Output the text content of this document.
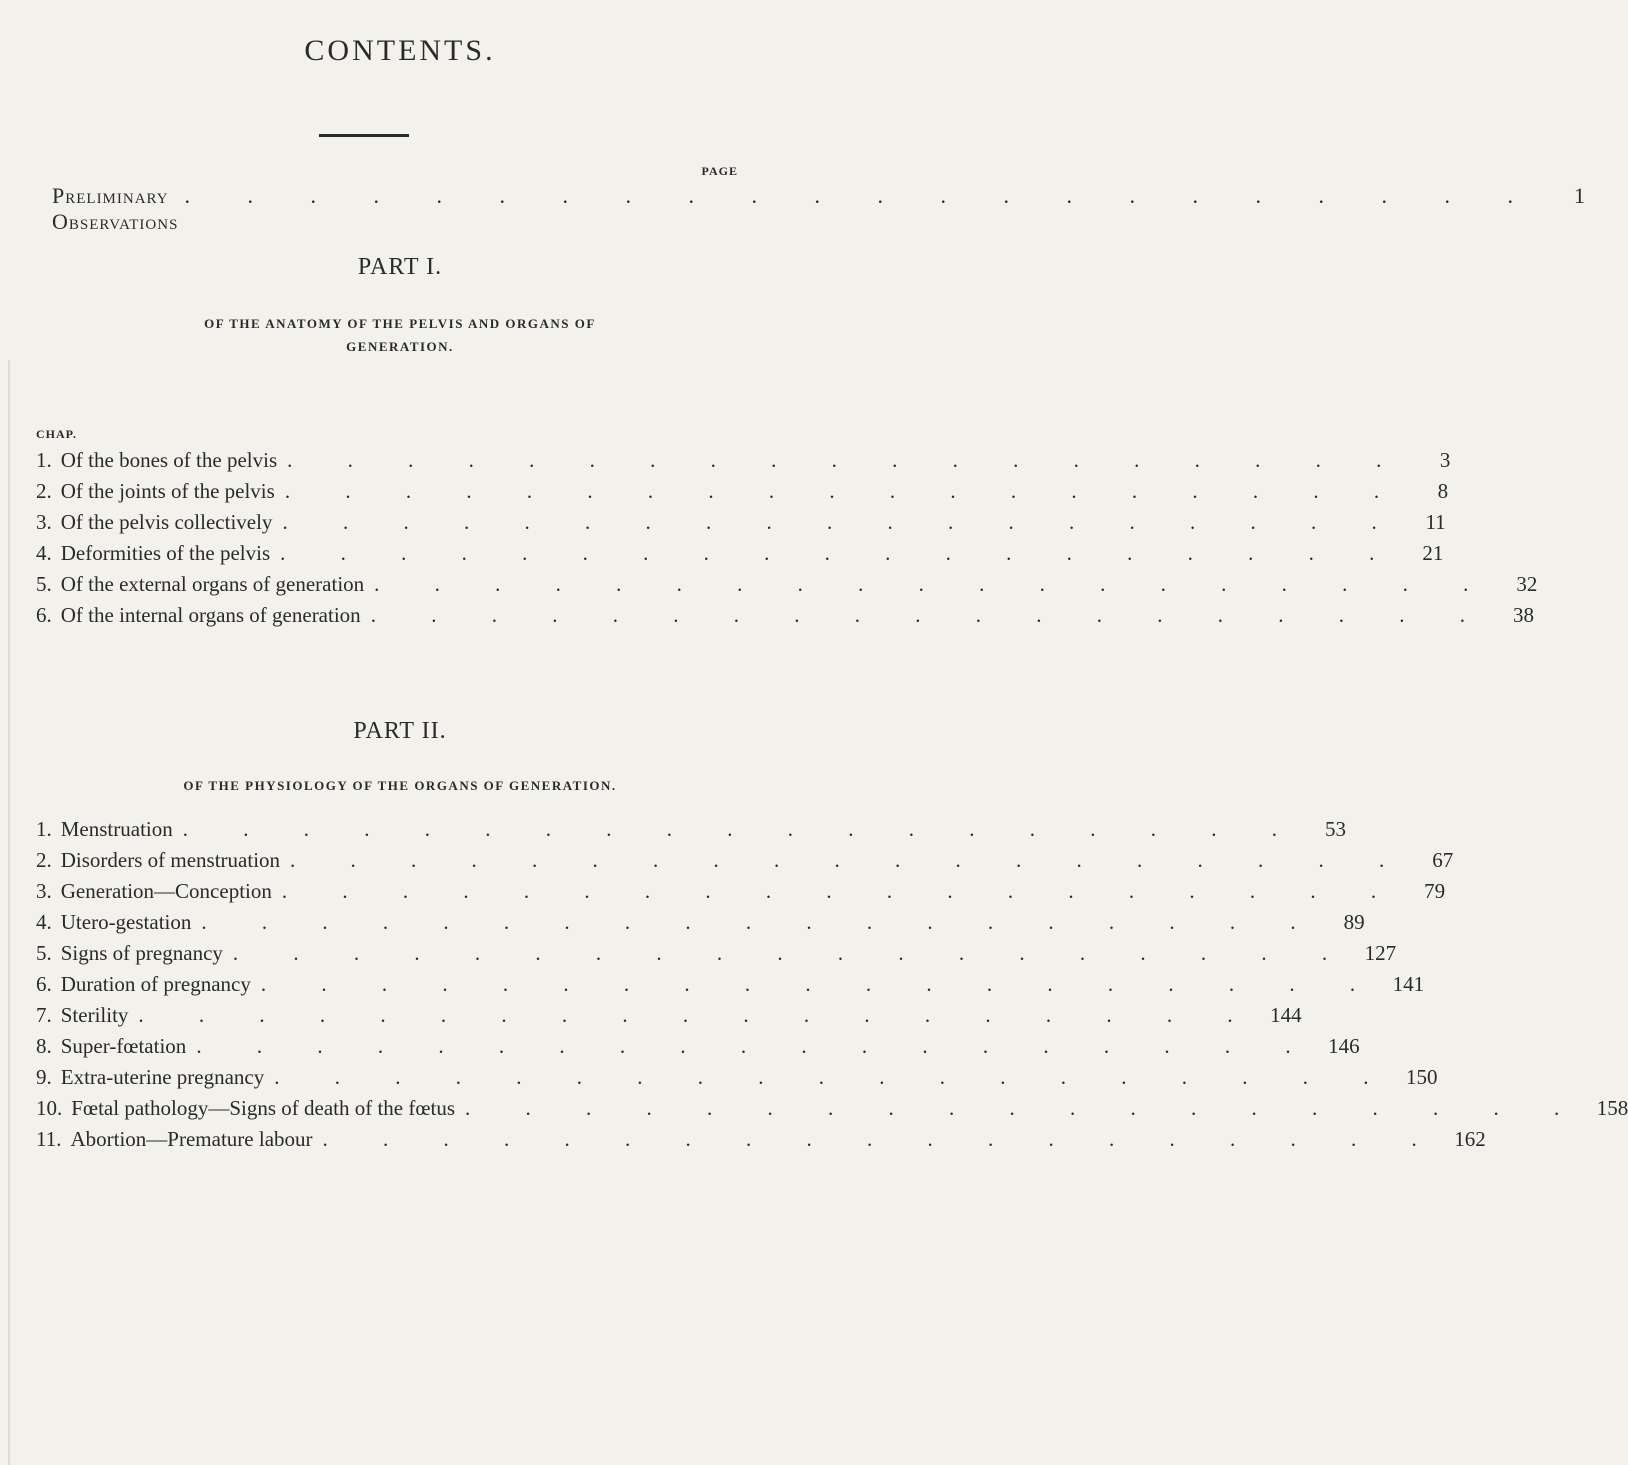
CONTENTS.
PAGE
Preliminary Observations
. . . . . . . . . . . . . . . . . . . . . .	1
PART I.
OF THE ANATOMY OF THE PELVIS AND ORGANS OF
GENERATION.
CHAP.
1. Of the bones of the pelvis . . . . . . . . . . . . . . . . . . .	3
2. Of the joints of the pelvis . . . . . . . . . . . . . . . . . . .	8
3. Of the pelvis collectively . . . . . . . . . . . . . . . . . . .	11
4. Deformities of the pelvis . . . . . . . . . . . . . . . . . . .	21
5. Of the external organs of generation . . . . . . . . . . . . . . . . . . .	32
6. Of the internal organs of generation . . . . . . . . . . . . . . . . . . .	38
PART II.
OF THE PHYSIOLOGY OF THE ORGANS OF GENERATION.
1. Menstruation . . . . . . . . . . . . . . . . . . .	53
2. Disorders of menstruation . . . . . . . . . . . . . . . . . . .	67
3. Generation—Conception . . . . . . . . . . . . . . . . . . .	79
4. Utero-gestation . . . . . . . . . . . . . . . . . . .	89
5. Signs of pregnancy . . . . . . . . . . . . . . . . . . . 127
6. Duration of pregnancy . . . . . . . . . . . . . . . . . . . 141
7. Sterility . . . . . . . . . . . . . . . . . . . 144
8. Super-fœtation . . . . . . . . . . . . . . . . . . . 146
9. Extra-uterine pregnancy . . . . . . . . . . . . . . . . . . . 150
10. Fœtal pathology—Signs of death of the fœtus . . . . . . . . . . . . . . . . . . . 158
11. Abortion—Premature labour . . . . . . . . . . . . . . . . . . . 162
